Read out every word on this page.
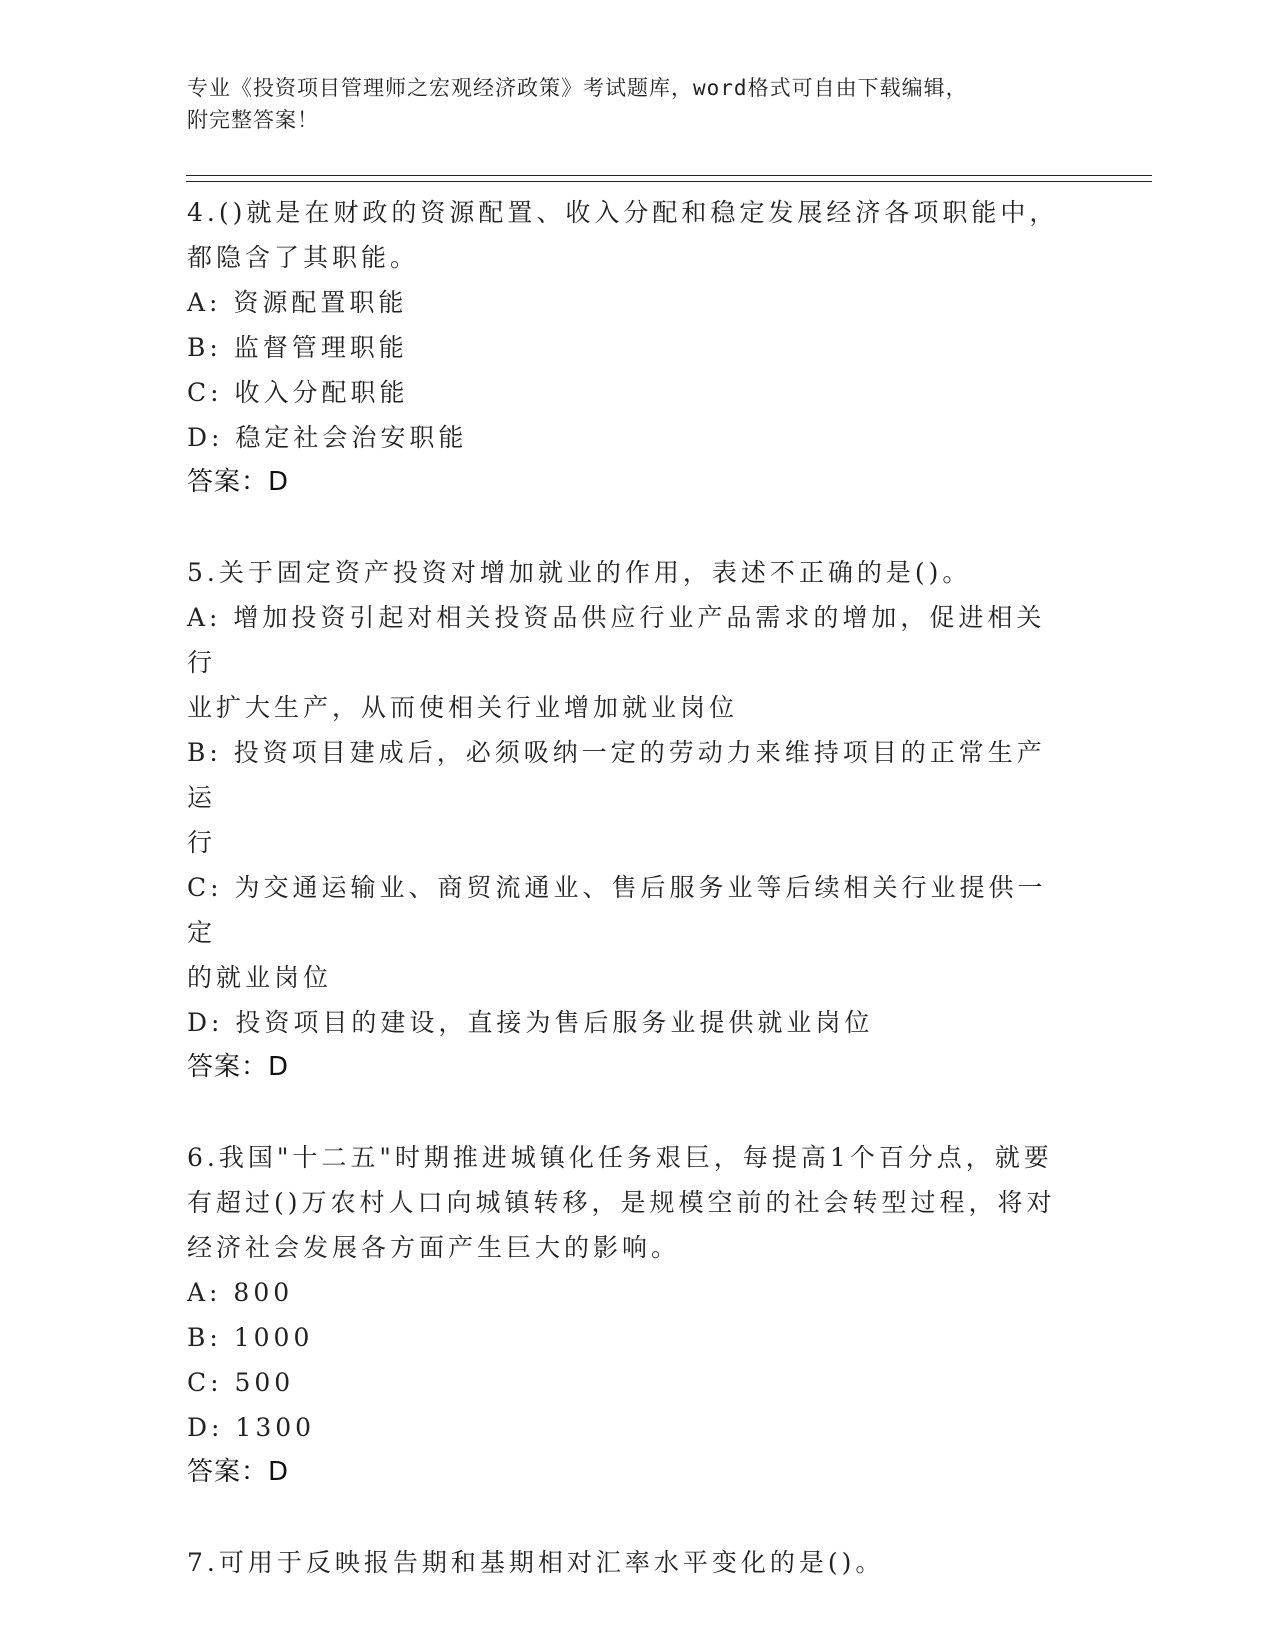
专业《投资项目管理师之宏观经济政策》考试题库，word格式可自由下载编辑，
附完整答案！
4.()就是在财政的资源配置、收入分配和稳定发展经济各项职能中，
都隐含了其职能。
A: 资源配置职能
B: 监督管理职能
C: 收入分配职能
D: 稳定社会治安职能
答案：D
5.关于固定资产投资对增加就业的作用，表述不正确的是()。
A: 增加投资引起对相关投资品供应行业产品需求的增加，促进相关行
业扩大生产，从而使相关行业增加就业岗位
B: 投资项目建成后，必须吸纳一定的劳动力来维持项目的正常生产运
行
C: 为交通运输业、商贸流通业、售后服务业等后续相关行业提供一定
的就业岗位
D: 投资项目的建设，直接为售后服务业提供就业岗位
答案：D
6.我国"十二五"时期推进城镇化任务艰巨，每提高1个百分点，就要
有超过()万农村人口向城镇转移，是规模空前的社会转型过程，将对
经济社会发展各方面产生巨大的影响。
A: 800
B: 1000
C: 500
D: 1300
答案：D
7.可用于反映报告期和基期相对汇率水平变化的是()。
